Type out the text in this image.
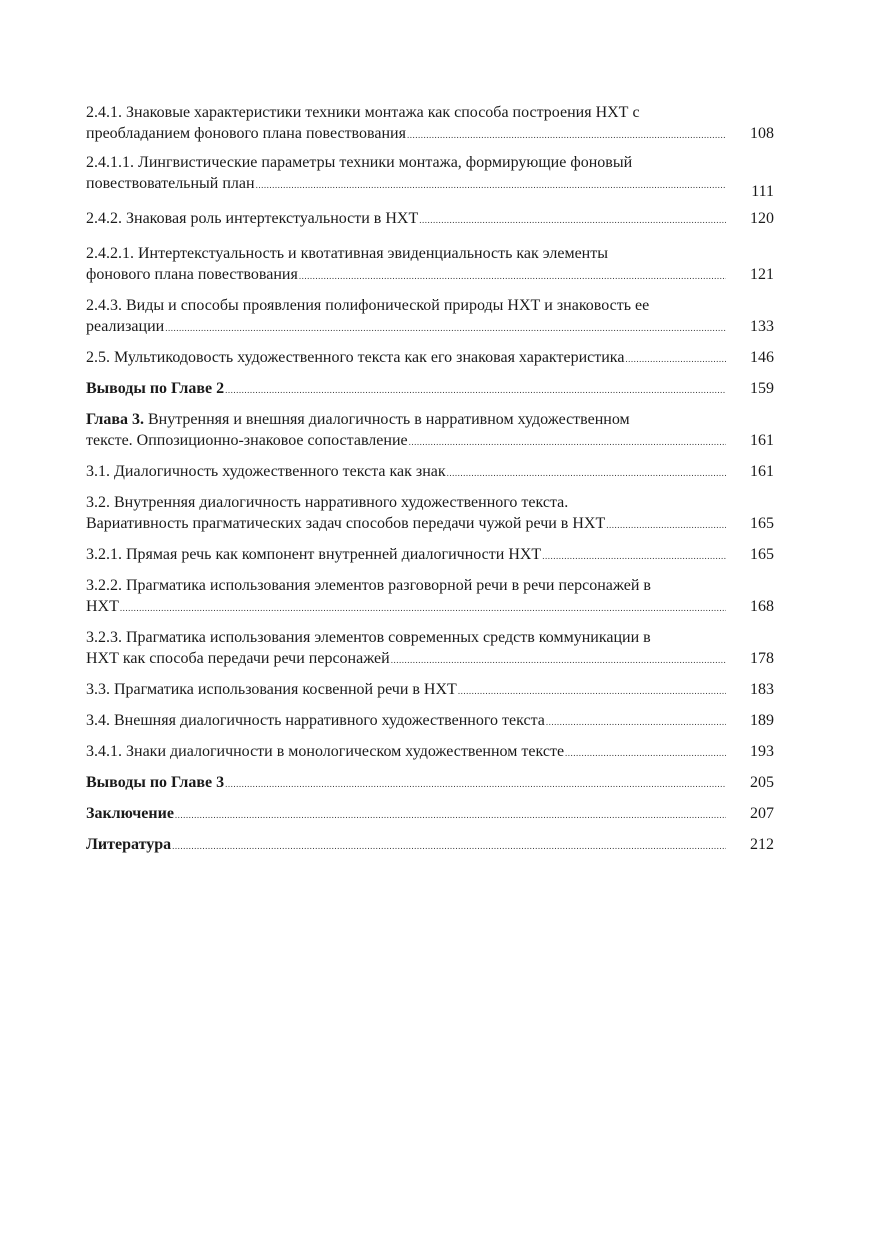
2.4.1. Знаковые характеристики техники монтажа как способа построения НХТ с
преобладанием фонового плана повествования .....	108
2.4.1.1. Лингвистические параметры техники монтажа, формирующие фоновый
повествовательный план .....	111
2.4.2. Знаковая роль интертекстуальности в НХТ .....	120
2.4.2.1. Интертекстуальность и квотативная эвиденциальность как элементы
фонового плана повествования .....	121
2.4.3. Виды и способы проявления полифонической природы НХТ и знаковость ее
реализации .....	133
2.5. Мультикодовость художественного текста как его знаковая характеристика .....	146
Выводы по Главе 2 .....	159
Глава 3. Внутренняя и внешняя диалогичность в нарративном художественном
тексте. Оппозиционно-знаковое сопоставление .....	161
3.1. Диалогичность художественного текста как знак .....	161
3.2. Внутренняя диалогичность нарративного художественного текста.
Вариативность прагматических задач способов передачи чужой речи в НХТ .....	165
3.2.1. Прямая речь как компонент внутренней диалогичности НХТ .....	165
3.2.2. Прагматика использования элементов разговорной речи в речи персонажей в
НХТ .....	168
3.2.3. Прагматика использования элементов современных средств коммуникации в
НХТ как способа передачи речи персонажей .....	178
3.3. Прагматика использования косвенной речи в НХТ .....	183
3.4. Внешняя диалогичность нарративного художественного текста .....	189
3.4.1. Знаки диалогичности в монологическом художественном тексте .....	193
Выводы по Главе 3 .....	205
Заключение .....	207
Литература .....	212
